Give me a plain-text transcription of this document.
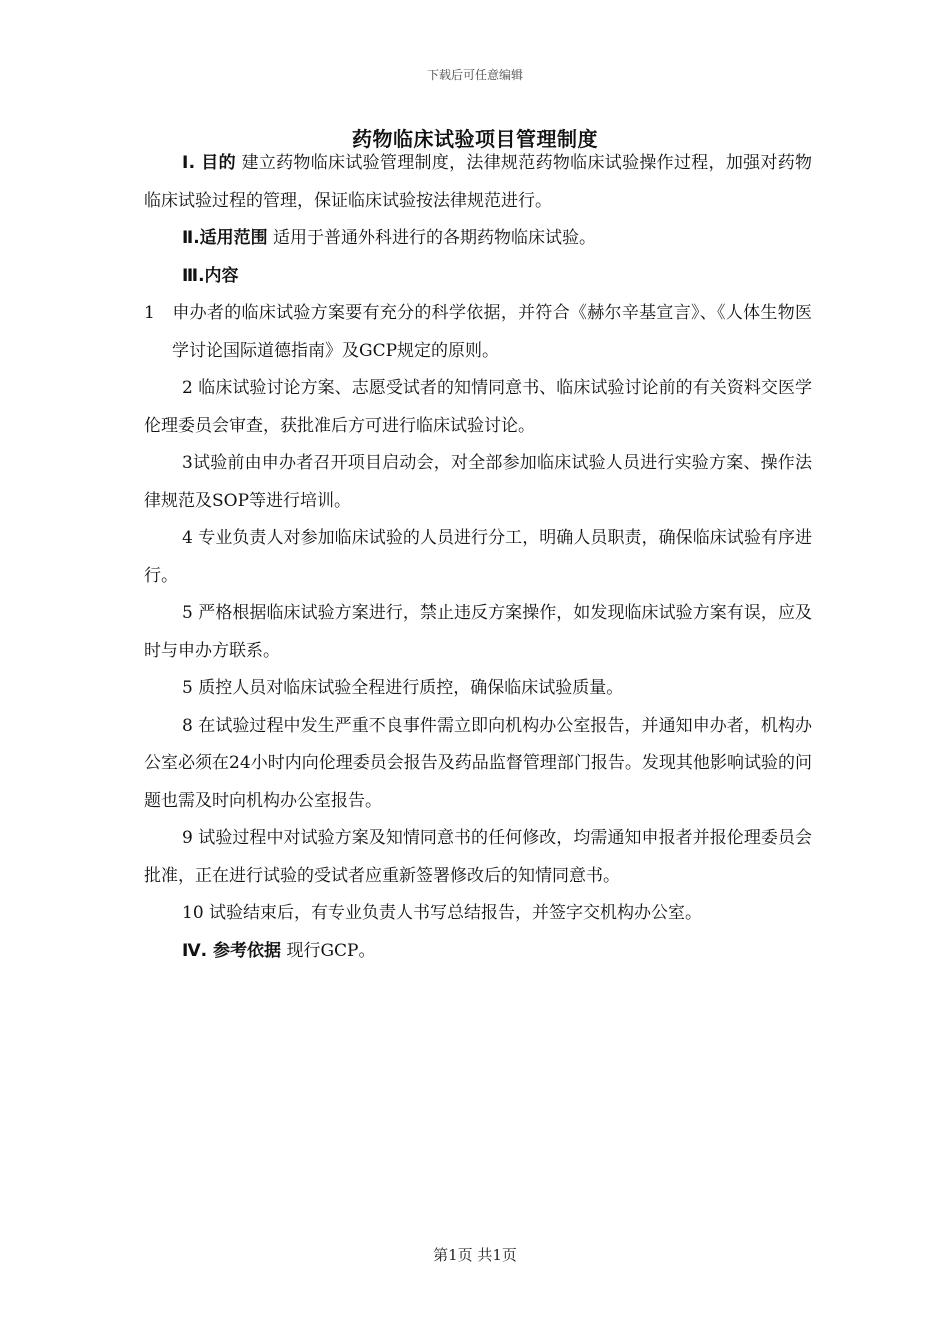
下载后可任意编辑
药物临床试验项目管理制度

Ⅰ. 目的 建立药物临床试验管理制度，法律规范药物临床试验操作过程，加强对药物临床试验过程的管理，保证临床试验按法律规范进行。

Ⅱ.适用范围 适用于普通外科进行的各期药物临床试验。

Ⅲ.内容

1　申办者的临床试验方案要有充分的科学依据，并符合《赫尔辛基宣言》、《人体生物医学讨论国际道德指南》及GCP规定的原则。

2 临床试验讨论方案、志愿受试者的知情同意书、临床试验讨论前的有关资料交医学伦理委员会审查，获批准后方可进行临床试验讨论。

3试验前由申办者召开项目启动会，对全部参加临床试验人员进行实验方案、操作法律规范及SOP等进行培训。

4 专业负责人对参加临床试验的人员进行分工，明确人员职责，确保临床试验有序进行。

5 严格根据临床试验方案进行，禁止违反方案操作，如发现临床试验方案有误，应及时与申办方联系。

5 质控人员对临床试验全程进行质控，确保临床试验质量。

8 在试验过程中发生严重不良事件需立即向机构办公室报告，并通知申办者，机构办公室必须在24小时内向伦理委员会报告及药品监督管理部门报告。发现其他影响试验的问题也需及时向机构办公室报告。

9 试验过程中对试验方案及知情同意书的任何修改，均需通知申报者并报伦理委员会批准，正在进行试验的受试者应重新签署修改后的知情同意书。

10 试验结束后，有专业负责人书写总结报告，并签字交机构办公室。

Ⅳ. 参考依据 现行GCP。

第1页 共1页
